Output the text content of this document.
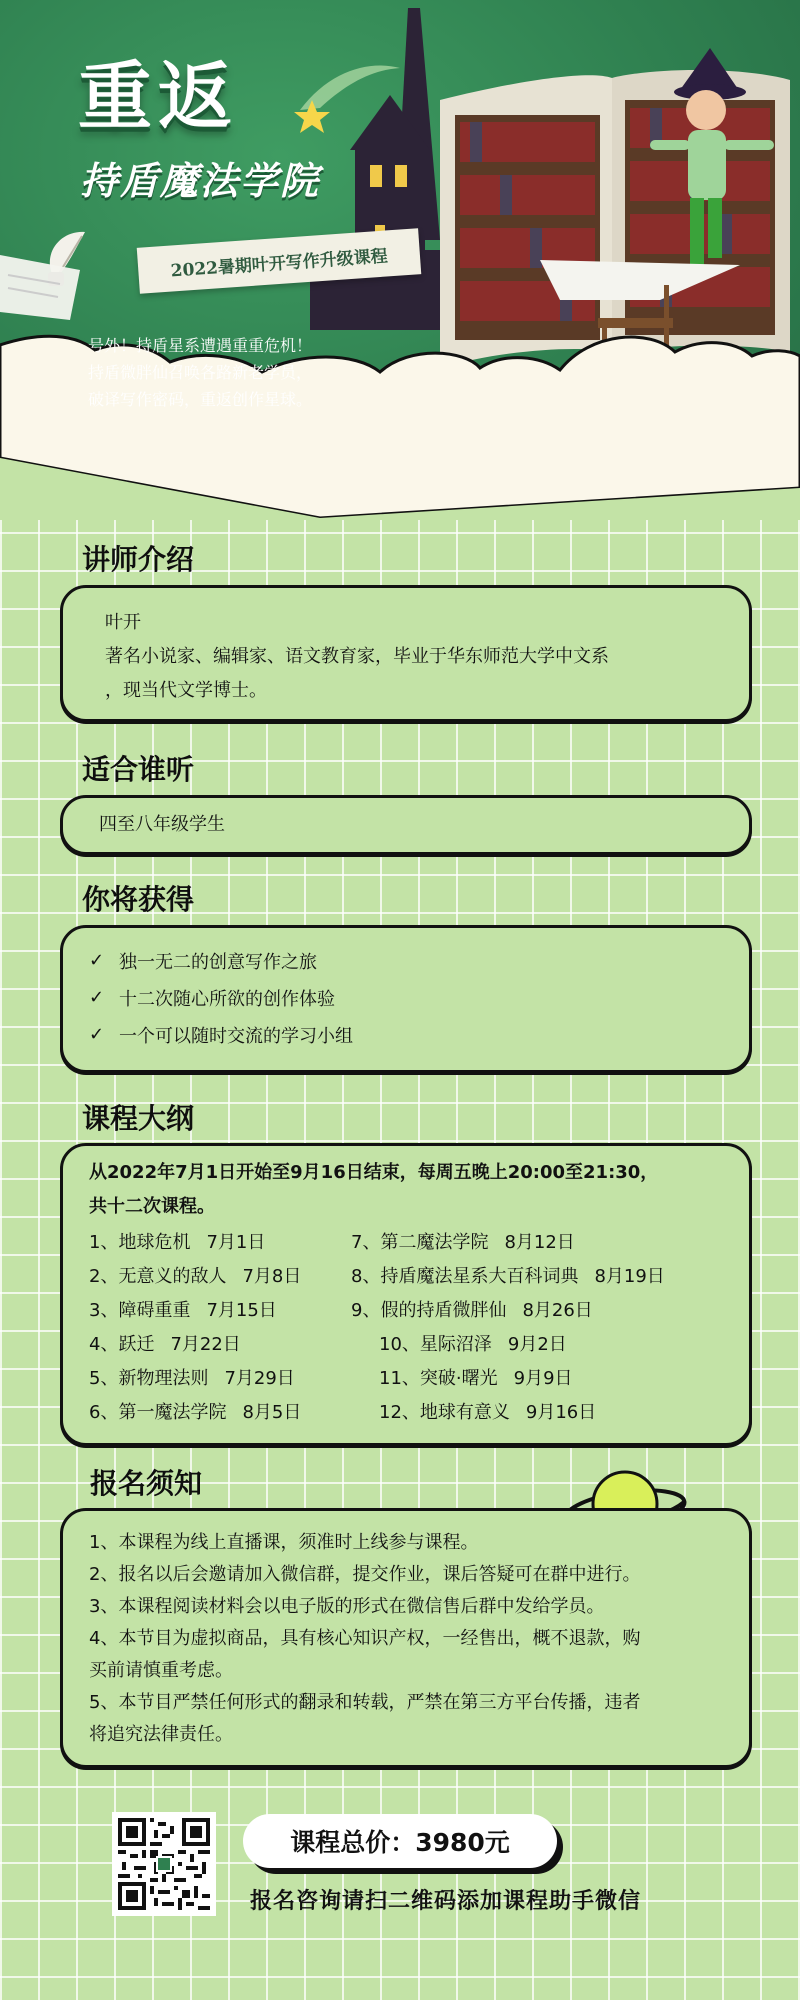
重返
持盾魔法学院
2022暑期叶开写作升级课程
号外！持盾星系遭遇重重危机！
持盾微胖仙召唤各路新老学员，
破译写作密码，重返创作星球。
讲师介绍
叶开
著名小说家、编辑家、语文教育家，毕业于华东师范大学中文系
，现当代文学博士。
适合谁听
四至八年级学生
你将获得
✓ 独一无二的创意写作之旅
✓ 十二次随心所欲的创作体验
✓ 一个可以随时交流的学习小组
课程大纲
从2022年7月1日开始至9月16日结束，每周五晚上20:00至21:30，
共十二次课程。
1、地球危机 7月1日
2、无意义的敌人 7月8日
3、障碍重重 7月15日
4、跃迁 7月22日
5、新物理法则 7月29日
6、第一魔法学院 8月5日
7、第二魔法学院 8月12日
8、持盾魔法星系大百科词典 8月19日
9、假的持盾微胖仙 8月26日
10、星际沼泽 9月2日
11、突破·曙光 9月9日
12、地球有意义 9月16日
报名须知
1、本课程为线上直播课，须准时上线参与课程。
2、报名以后会邀请加入微信群，提交作业，课后答疑可在群中进行。
3、本课程阅读材料会以电子版的形式在微信售后群中发给学员。
4、本节目为虚拟商品，具有核心知识产权，一经售出，概不退款，购
买前请慎重考虑。
5、本节目严禁任何形式的翻录和转载，严禁在第三方平台传播，违者
将追究法律责任。
课程总价： 3980元
报名咨询请扫二维码添加课程助手微信
